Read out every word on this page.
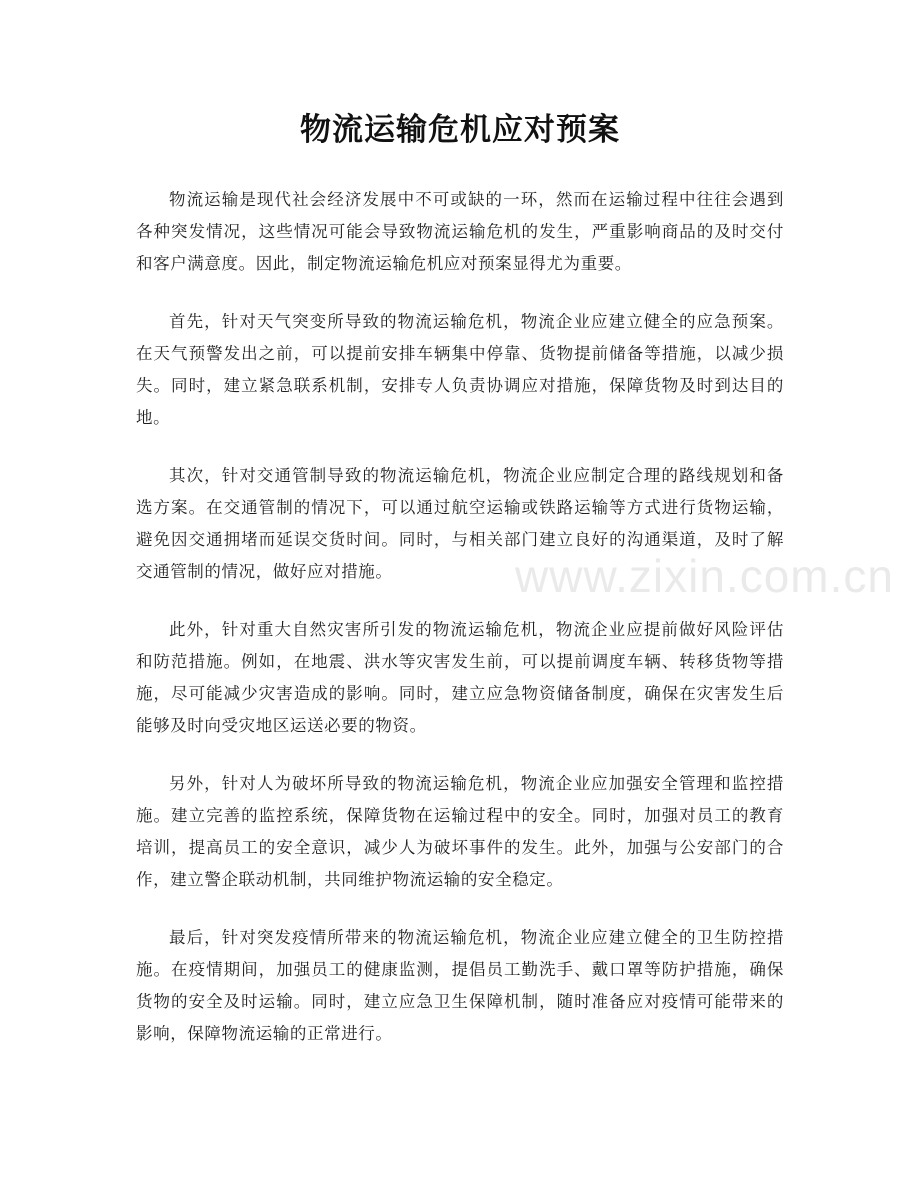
物流运输危机应对预案

物流运输是现代社会经济发展中不可或缺的一环，然而在运输过程中往往会遇到各种突发情况，这些情况可能会导致物流运输危机的发生，严重影响商品的及时交付和客户满意度。因此，制定物流运输危机应对预案显得尤为重要。

首先，针对天气突变所导致的物流运输危机，物流企业应建立健全的应急预案。在天气预警发出之前，可以提前安排车辆集中停靠、货物提前储备等措施，以减少损失。同时，建立紧急联系机制，安排专人负责协调应对措施，保障货物及时到达目的地。

其次，针对交通管制导致的物流运输危机，物流企业应制定合理的路线规划和备选方案。在交通管制的情况下，可以通过航空运输或铁路运输等方式进行货物运输，避免因交通拥堵而延误交货时间。同时，与相关部门建立良好的沟通渠道，及时了解交通管制的情况，做好应对措施。

此外，针对重大自然灾害所引发的物流运输危机，物流企业应提前做好风险评估和防范措施。例如，在地震、洪水等灾害发生前，可以提前调度车辆、转移货物等措施，尽可能减少灾害造成的影响。同时，建立应急物资储备制度，确保在灾害发生后能够及时向受灾地区运送必要的物资。

另外，针对人为破坏所导致的物流运输危机，物流企业应加强安全管理和监控措施。建立完善的监控系统，保障货物在运输过程中的安全。同时，加强对员工的教育培训，提高员工的安全意识，减少人为破坏事件的发生。此外，加强与公安部门的合作，建立警企联动机制，共同维护物流运输的安全稳定。

最后，针对突发疫情所带来的物流运输危机，物流企业应建立健全的卫生防控措施。在疫情期间，加强员工的健康监测，提倡员工勤洗手、戴口罩等防护措施，确保货物的安全及时运输。同时，建立应急卫生保障机制，随时准备应对疫情可能带来的影响，保障物流运输的正常进行。

www.zixin.com.cn
